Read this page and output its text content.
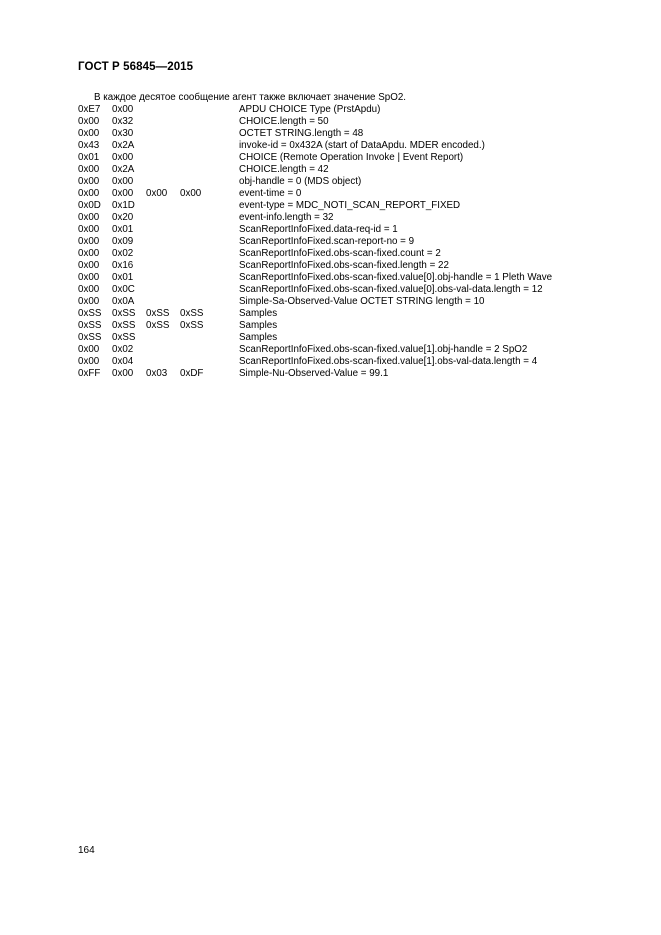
ГОСТ Р 56845—2015
В каждое десятое сообщение агент также включает значение SpO2.
0xE7 0x00	APDU CHOICE Type (PrstApdu)
0x00 0x32	CHOICE.length = 50
0x00 0x30	OCTET STRING.length = 48
0x43 0x2A	invoke-id = 0x432A (start of DataApdu. MDER encoded.)
0x01 0x00	CHOICE (Remote Operation Invoke | Event Report)
0x00 0x2A	CHOICE.length = 42
0x00 0x00	obj-handle = 0 (MDS object)
0x00 0x00 0x00 0x00	event-time = 0
0x0D 0x1D	event-type = MDC_NOTI_SCAN_REPORT_FIXED
0x00 0x20	event-info.length = 32
0x00 0x01	ScanReportInfoFixed.data-req-id = 1
0x00 0x09	ScanReportInfoFixed.scan-report-no = 9
0x00 0x02	ScanReportInfoFixed.obs-scan-fixed.count = 2
0x00 0x16	ScanReportInfoFixed.obs-scan-fixed.length = 22
0x00 0x01	ScanReportInfoFixed.obs-scan-fixed.value[0].obj-handle = 1 Pleth Wave
0x00 0x0C	ScanReportInfoFixed.obs-scan-fixed.value[0].obs-val-data.length = 12
0x00 0x0A	Simple-Sa-Observed-Value OCTET STRING length = 10
0xSS 0xSS 0xSS 0xSS	Samples
0xSS 0xSS 0xSS 0xSS	Samples
0xSS 0xSS	Samples
0x00 0x02	ScanReportInfoFixed.obs-scan-fixed.value[1].obj-handle = 2 SpO2
0x00 0x04	ScanReportInfoFixed.obs-scan-fixed.value[1].obs-val-data.length = 4
0xFF 0x00 0x03 0xDF	Simple-Nu-Observed-Value = 99.1
164
